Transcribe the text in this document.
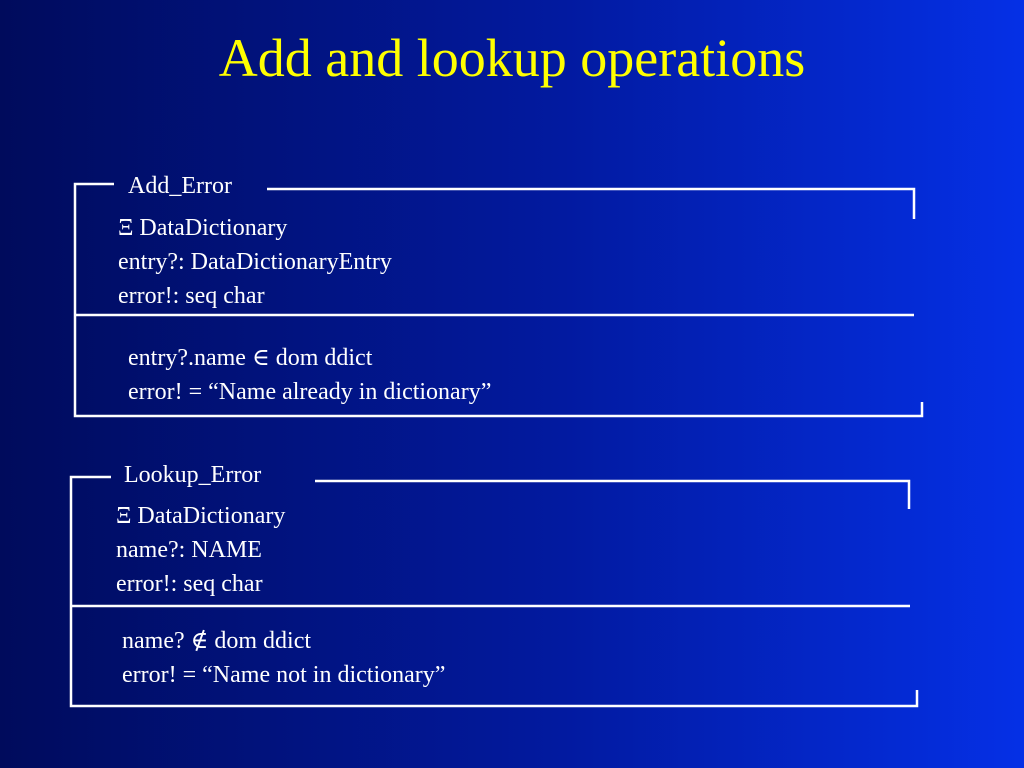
Add and lookup operations
Add_Error
Ξ DataDictionary
entry?: DataDictionaryEntry
error!: seq char
entry?.name ∈ dom ddict
error! = “Name already in dictionary”
Lookup_Error
Ξ DataDictionary
name?: NAME
error!: seq char
name? ∉ dom ddict
error! = “Name not in dictionary”
